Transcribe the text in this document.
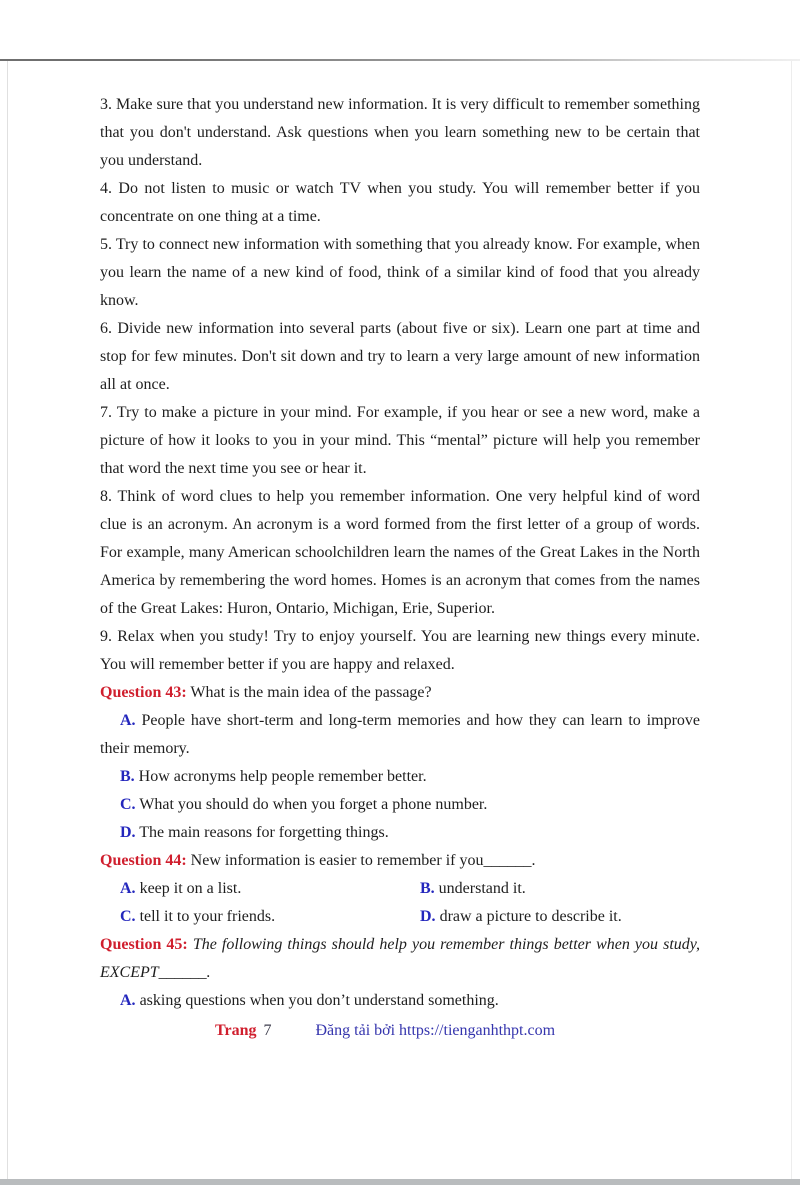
3. Make sure that you understand new information. It is very difficult to remember something that you don't understand. Ask questions when you learn something new to be certain that you understand.
4. Do not listen to music or watch TV when you study. You will remember better if you concentrate on one thing at a time.
5. Try to connect new information with something that you already know. For example, when you learn the name of a new kind of food, think of a similar kind of food that you already know.
6. Divide new information into several parts (about five or six). Learn one part at time and stop for few minutes. Don't sit down and try to learn a very large amount of new information all at once.
7. Try to make a picture in your mind. For example, if you hear or see a new word, make a picture of how it looks to you in your mind. This “mental” picture will help you remember that word the next time you see or hear it.
8. Think of word clues to help you remember information. One very helpful kind of word clue is an acronym. An acronym is a word formed from the first letter of a group of words. For example, many American schoolchildren learn the names of the Great Lakes in the North America by remembering the word homes. Homes is an acronym that comes from the names of the Great Lakes: Huron, Ontario, Michigan, Erie, Superior.
9. Relax when you study! Try to enjoy yourself. You are learning new things every minute. You will remember better if you are happy and relaxed.
Question 43: What is the main idea of the passage?
A. People have short-term and long-term memories and how they can learn to improve their memory.
B. How acronyms help people remember better.
C. What you should do when you forget a phone number.
D. The main reasons for forgetting things.
Question 44: New information is easier to remember if you______.
A. keep it on a list.	B. understand it.
C. tell it to your friends.	D. draw a picture to describe it.
Question 45: The following things should help you remember things better when you study, EXCEPT______.
A. asking questions when you don’t understand something.
Trang 7	Đăng tải bởi https://tienganhthpt.com
